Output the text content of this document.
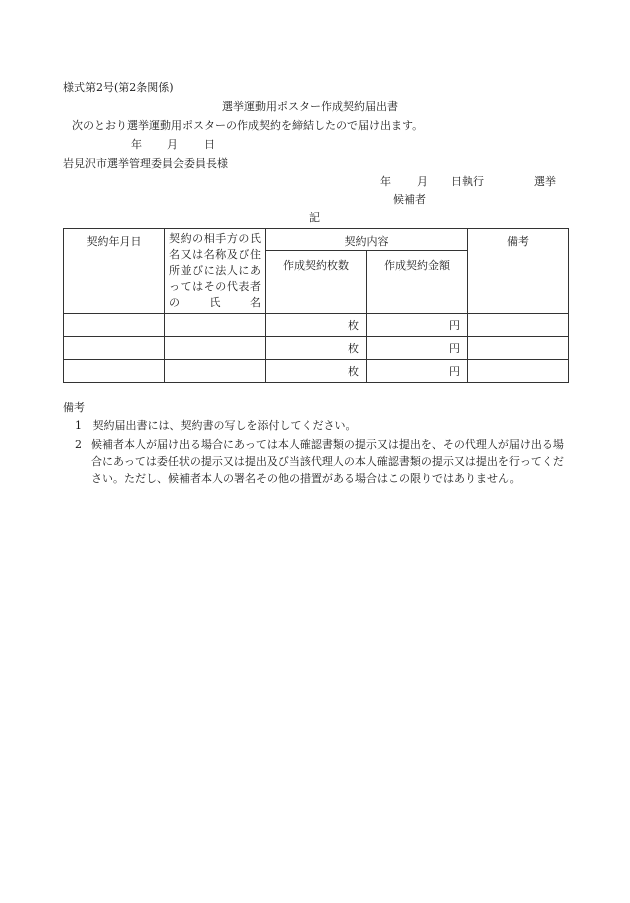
様式第2号(第2条関係)
選挙運動用ポスター作成契約届出書
次のとおり選挙運動用ポスターの作成契約を締結したので届け出ます。
年 月 日
岩見沢市選挙管理委員会委員長様
年 月 日執行	選挙
候補者
記
契約年月日	契約の相手方の氏名又は名称及び住所並びに法人にあってはその代表者の氏名	契約内容		備考
		作成契約枚数	作成契約金額	
		枚	円	
		枚	円	
		枚	円	
備考
1 契約届出書には、契約書の写しを添付してください。
2 候補者本人が届け出る場合にあっては本人確認書類の提示又は提出を、その代理人が届け出る場合にあっては委任状の提示又は提出及び当該代理人の本人確認書類の提示又は提出を行ってください。ただし、候補者本人の署名その他の措置がある場合はこの限りではありません。
